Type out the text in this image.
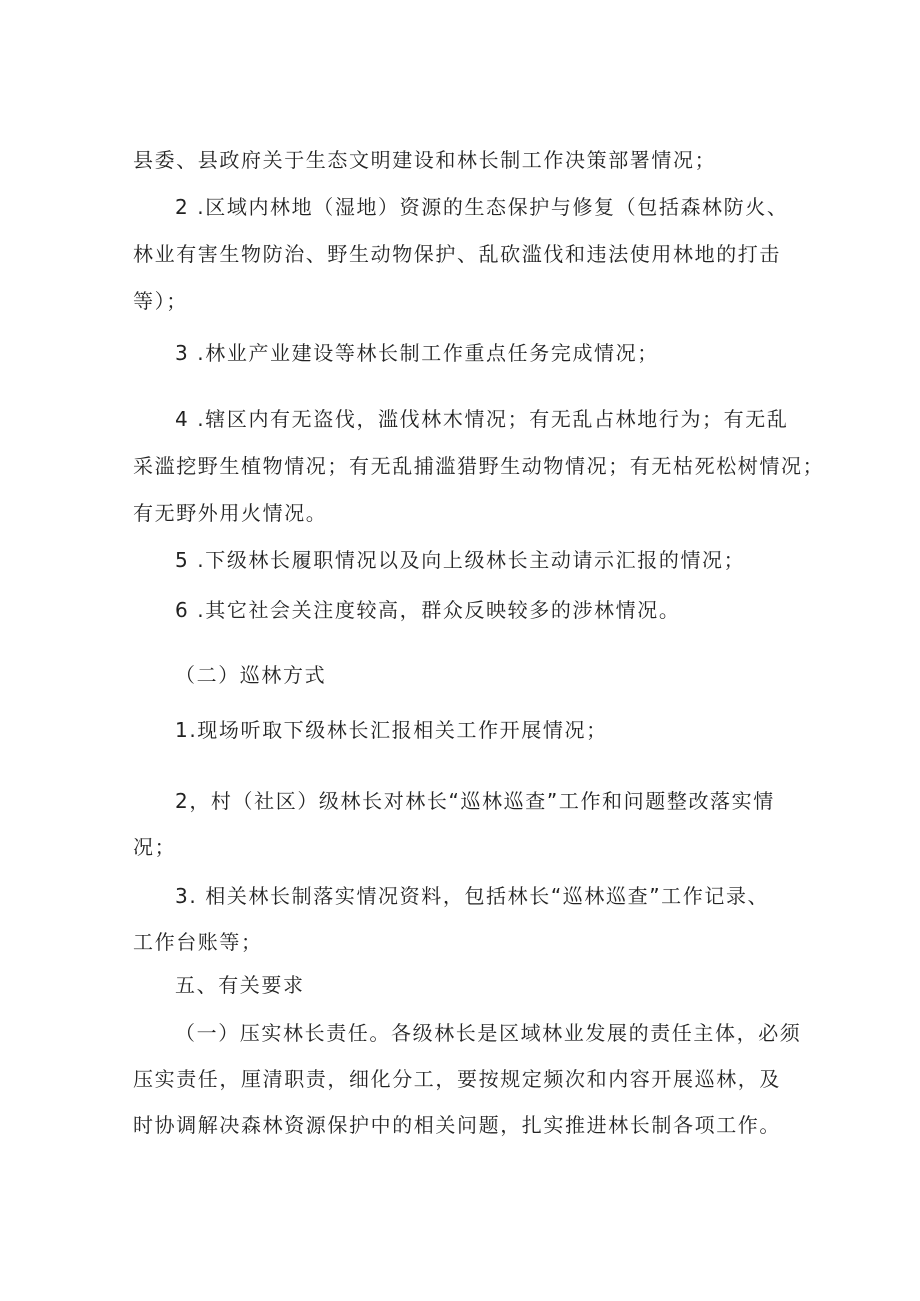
县委、县政府关于生态文明建设和林长制工作决策部署情况；

2 .区域内林地（湿地）资源的生态保护与修复（包括森林防火、

林业有害生物防治、野生动物保护、乱砍滥伐和违法使用林地的打击

等）；

3 .林业产业建设等林长制工作重点任务完成情况；

4 .辖区内有无盗伐，滥伐林木情况；有无乱占林地行为；有无乱

采滥挖野生植物情况；有无乱捕滥猎野生动物情况；有无枯死松树情况；

有无野外用火情况。

5 .下级林长履职情况以及向上级林长主动请示汇报的情况；

6 .其它社会关注度较高，群众反映较多的涉林情况。

（二）巡林方式

1.现场听取下级林长汇报相关工作开展情况；

2，村（社区）级林长对林长“巡林巡查”工作和问题整改落实情

况；

3. 相关林长制落实情况资料，包括林长“巡林巡查”工作记录、

工作台账等；

五、有关要求

（一）压实林长责任。各级林长是区域林业发展的责任主体，必须

压实责任，厘清职责，细化分工，要按规定频次和内容开展巡林，及

时协调解决森林资源保护中的相关问题，扎实推进林长制各项工作。
